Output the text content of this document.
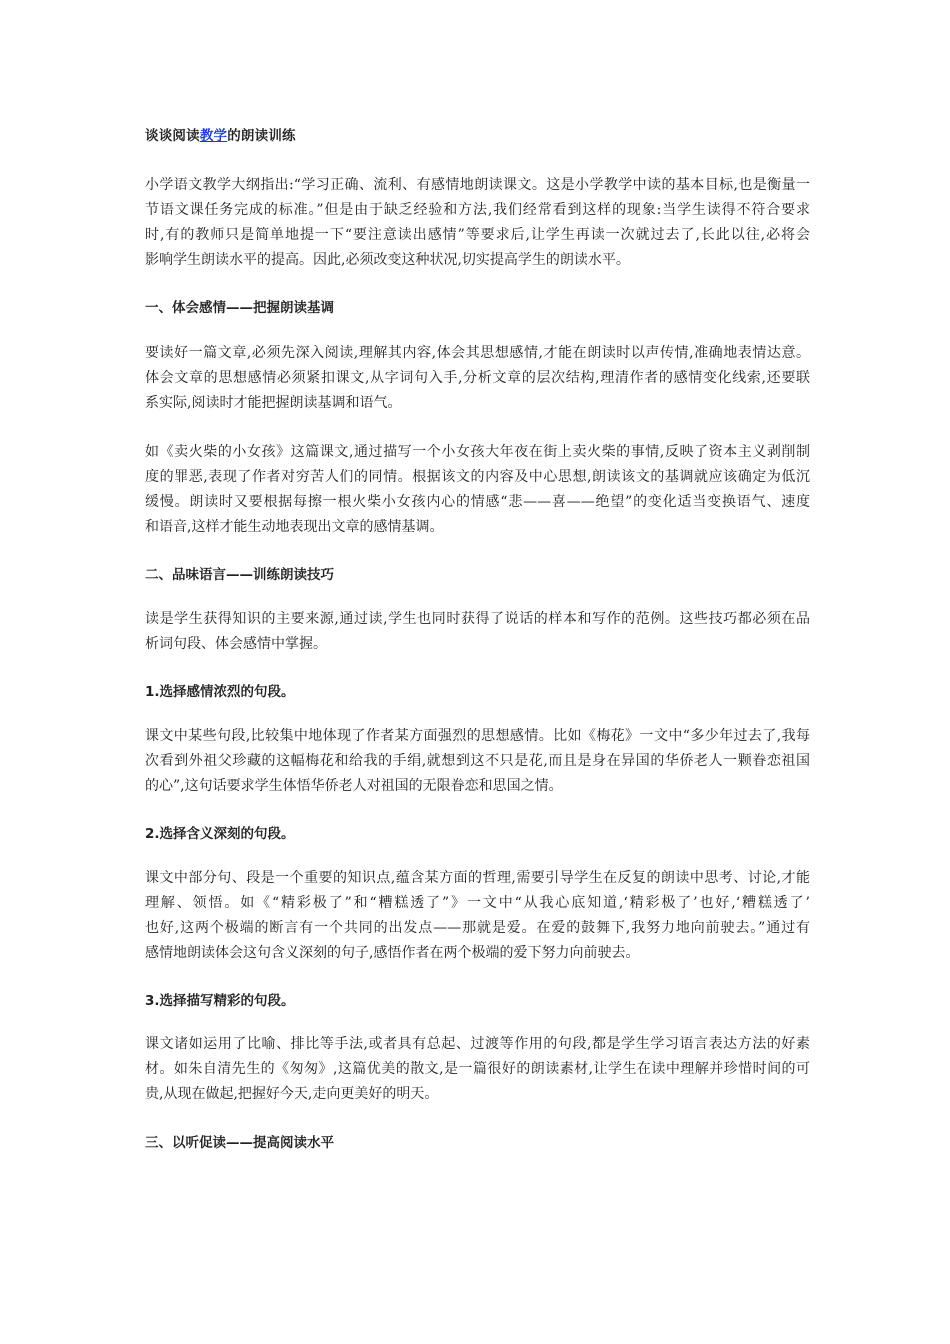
谈谈阅读教学的朗读训练
小学语文教学大纲指出:“学习正确、流利、有感情地朗读课文。这是小学教学中读的基本目标,也是衡量一
节语文课任务完成的标准。”但是由于缺乏经验和方法,我们经常看到这样的现象:当学生读得不符合要求
时,有的教师只是简单地提一下“要注意读出感情”等要求后,让学生再读一次就过去了,长此以往,必将会
影响学生朗读水平的提高。因此,必须改变这种状况,切实提高学生的朗读水平。
一、体会感情——把握朗读基调
要读好一篇文章,必须先深入阅读,理解其内容,体会其思想感情,才能在朗读时以声传情,准确地表情达意。
体会文章的思想感情必须紧扣课文,从字词句入手,分析文章的层次结构,理清作者的感情变化线索,还要联
系实际,阅读时才能把握朗读基调和语气。
如《卖火柴的小女孩》这篇课文,通过描写一个小女孩大年夜在街上卖火柴的事情,反映了资本主义剥削制
度的罪恶,表现了作者对穷苦人们的同情。根据该文的内容及中心思想,朗读该文的基调就应该确定为低沉
缓慢。朗读时又要根据每擦一根火柴小女孩内心的情感“悲——喜——绝望”的变化适当变换语气、速度
和语音,这样才能生动地表现出文章的感情基调。
二、品味语言——训练朗读技巧
读是学生获得知识的主要来源,通过读,学生也同时获得了说话的样本和写作的范例。这些技巧都必须在品
析词句段、体会感情中掌握。
1.选择感情浓烈的句段。
课文中某些句段,比较集中地体现了作者某方面强烈的思想感情。比如《梅花》一文中“多少年过去了,我每
次看到外祖父珍藏的这幅梅花和给我的手绢,就想到这不只是花,而且是身在异国的华侨老人一颗眷恋祖国
的心”,这句话要求学生体悟华侨老人对祖国的无限眷恋和思国之情。
2.选择含义深刻的句段。
课文中部分句、段是一个重要的知识点,蕴含某方面的哲理,需要引导学生在反复的朗读中思考、讨论,才能
理解、领悟。如《“精彩极了”和“糟糕透了”》一文中“从我心底知道,‘精彩极了’也好,‘糟糕透了’
也好,这两个极端的断言有一个共同的出发点——那就是爱。在爱的鼓舞下,我努力地向前驶去。”通过有
感情地朗读体会这句含义深刻的句子,感悟作者在两个极端的爱下努力向前驶去。
3.选择描写精彩的句段。
课文诸如运用了比喻、排比等手法,或者具有总起、过渡等作用的句段,都是学生学习语言表达方法的好素
材。如朱自清先生的《匆匆》,这篇优美的散文,是一篇很好的朗读素材,让学生在读中理解并珍惜时间的可
贵,从现在做起,把握好今天,走向更美好的明天。
三、以听促读——提高阅读水平
